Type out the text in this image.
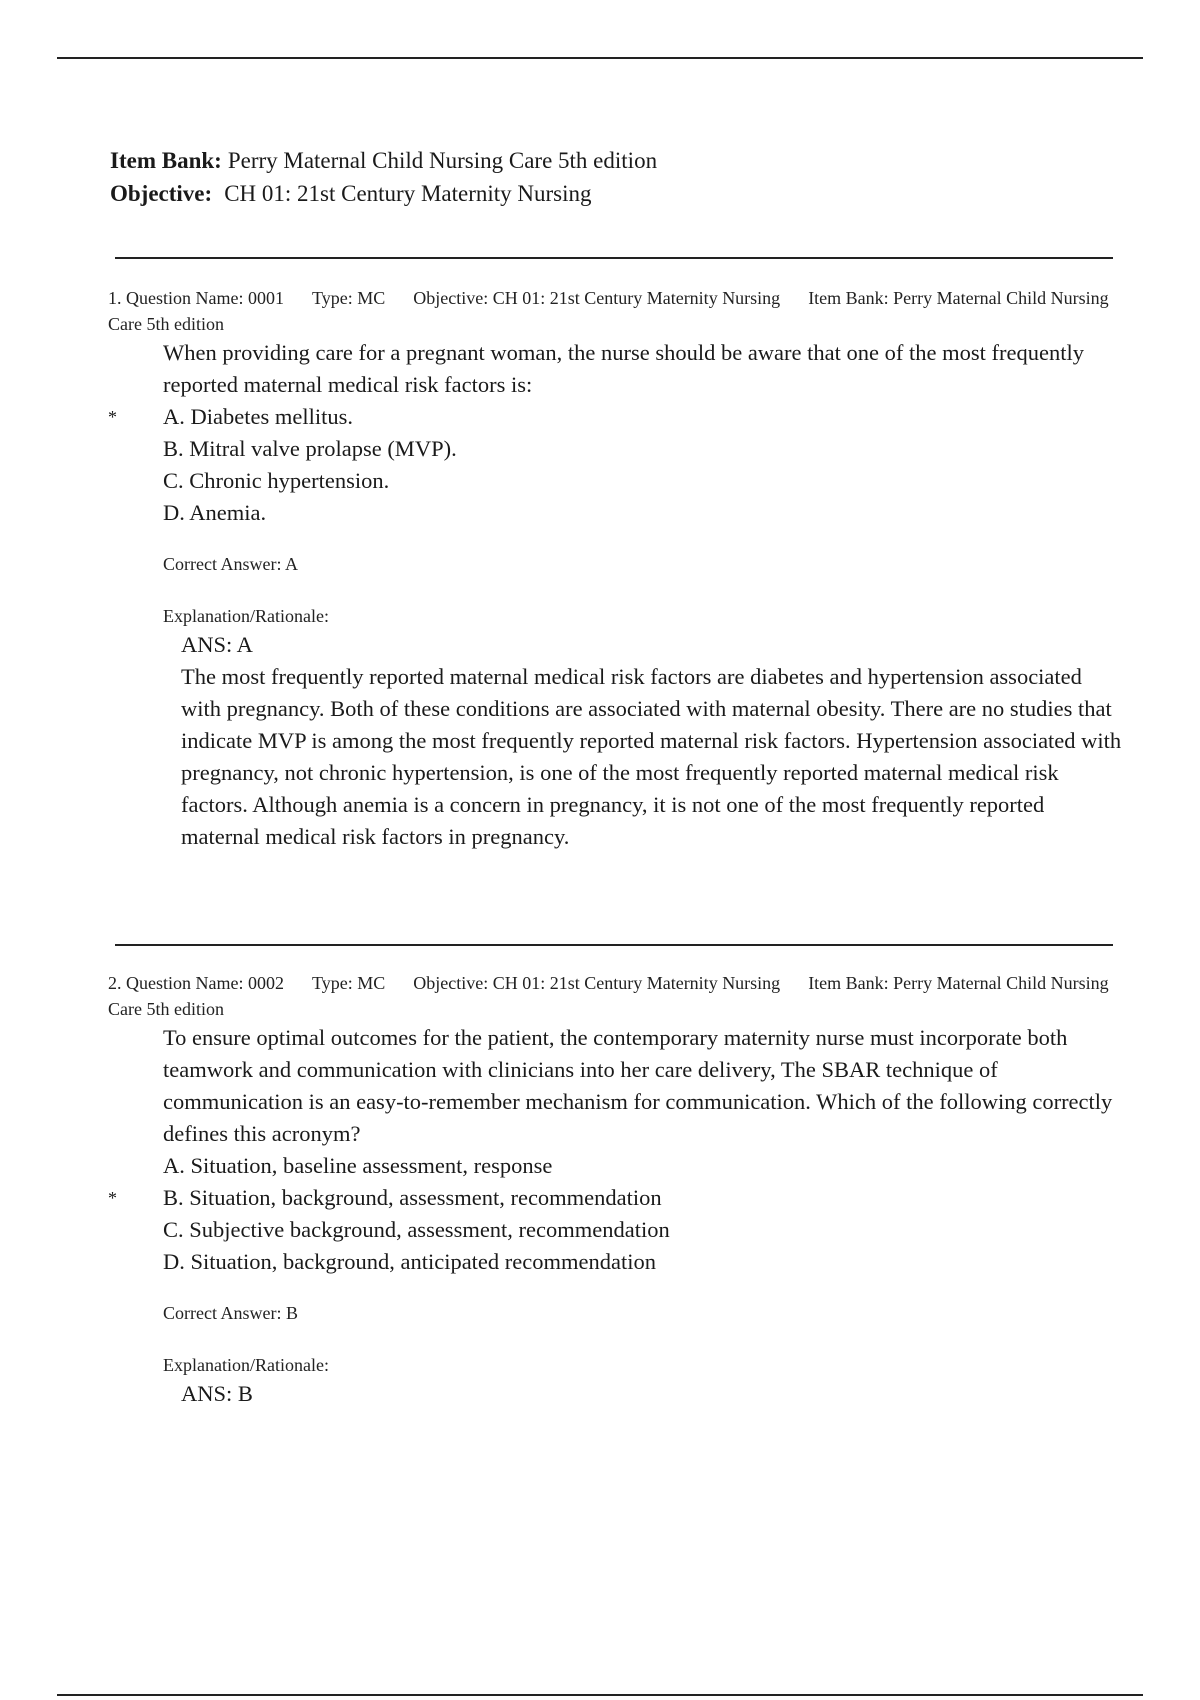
Item Bank: Perry Maternal Child Nursing Care 5th edition
Objective: CH 01: 21st Century Maternity Nursing
1. Question Name: 0001 Type: MC Objective: CH 01: 21st Century Maternity Nursing Item Bank: Perry Maternal Child Nursing Care 5th edition
When providing care for a pregnant woman, the nurse should be aware that one of the most frequently reported maternal medical risk factors is:
*	A. Diabetes mellitus.
B. Mitral valve prolapse (MVP).
C. Chronic hypertension.
D. Anemia.
Correct Answer: A
Explanation/Rationale:
ANS: A
The most frequently reported maternal medical risk factors are diabetes and hypertension associated with pregnancy. Both of these conditions are associated with maternal obesity. There are no studies that indicate MVP is among the most frequently reported maternal risk factors. Hypertension associated with pregnancy, not chronic hypertension, is one of the most frequently reported maternal medical risk factors. Although anemia is a concern in pregnancy, it is not one of the most frequently reported maternal medical risk factors in pregnancy.
2. Question Name: 0002 Type: MC Objective: CH 01: 21st Century Maternity Nursing Item Bank: Perry Maternal Child Nursing Care 5th edition
To ensure optimal outcomes for the patient, the contemporary maternity nurse must incorporate both teamwork and communication with clinicians into her care delivery, The SBAR technique of communication is an easy-to-remember mechanism for communication. Which of the following correctly defines this acronym?
A. Situation, baseline assessment, response
*	B. Situation, background, assessment, recommendation
C. Subjective background, assessment, recommendation
D. Situation, background, anticipated recommendation
Correct Answer: B
Explanation/Rationale:
ANS: B
